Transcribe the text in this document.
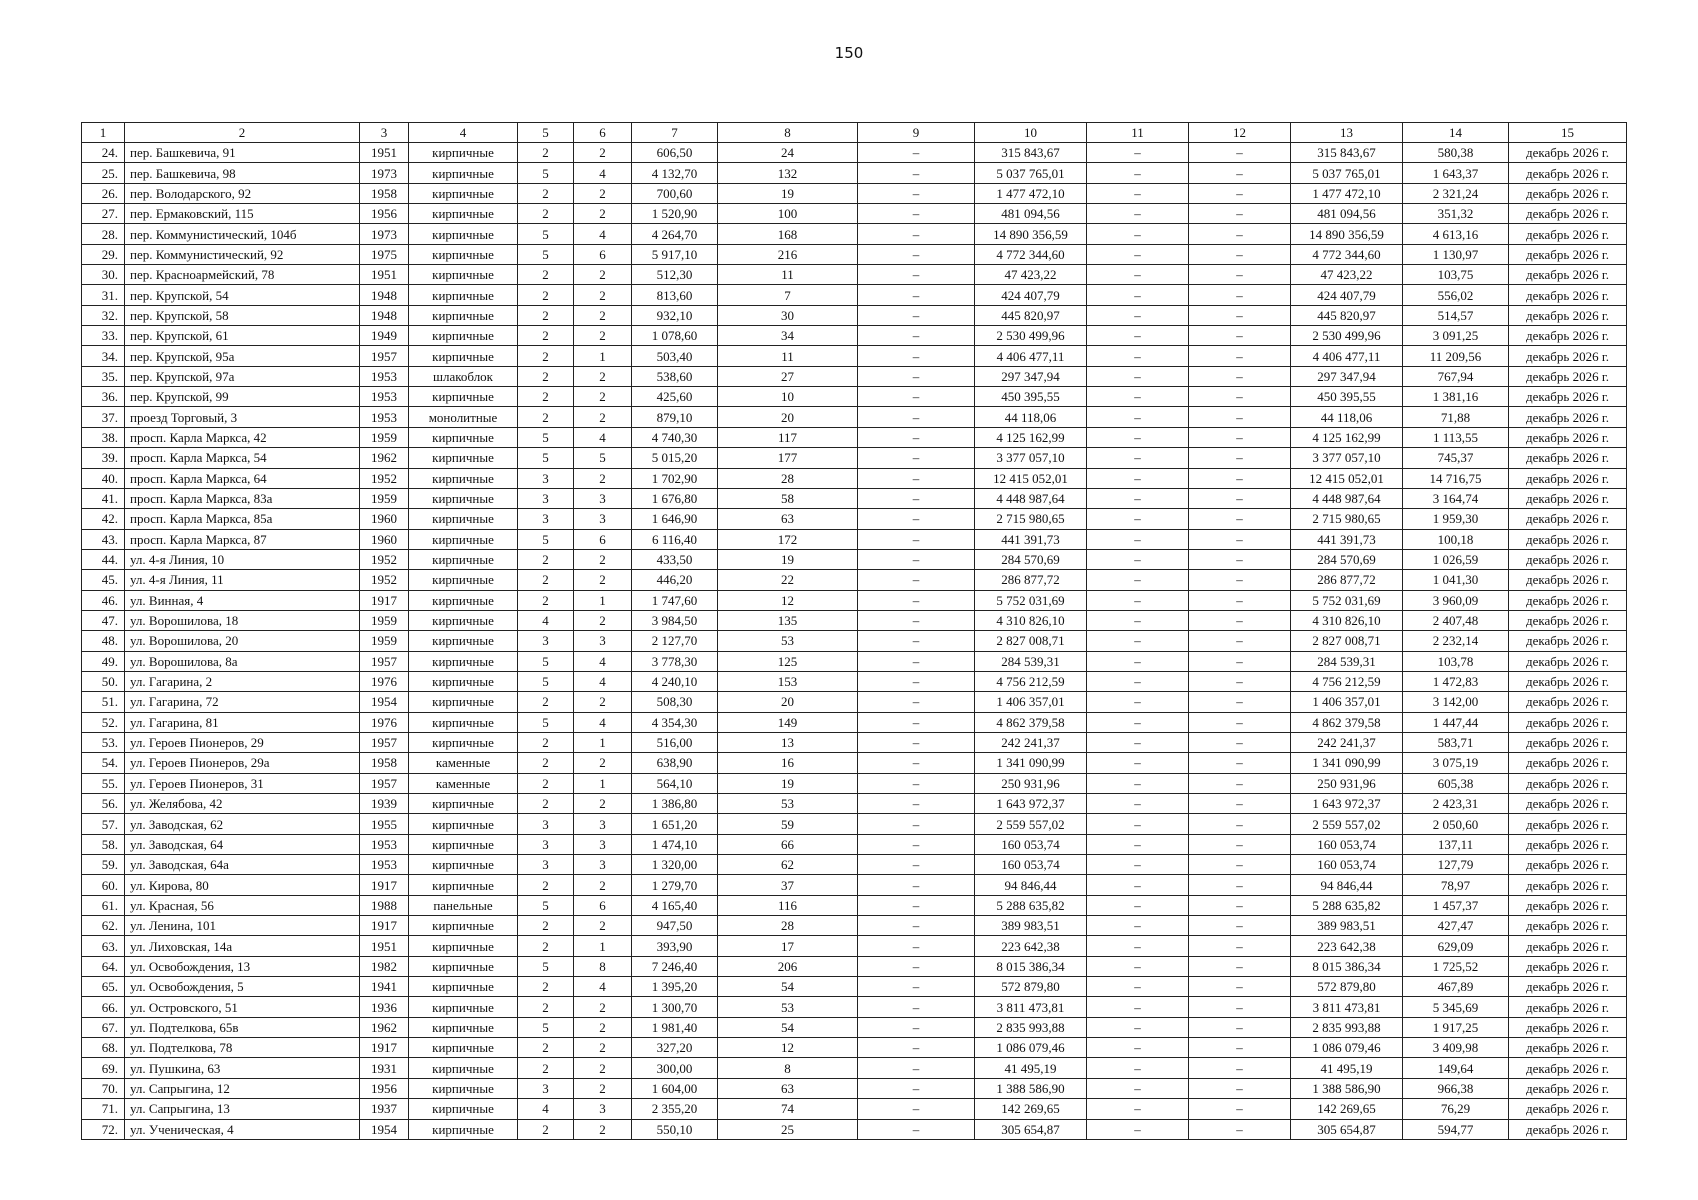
150
1	2	3	4	5	6	7	8	9	10	11	12	13	14	15
24.	пер. Башкевича, 91	1951	кирпичные	2	2	606,50	24	–	315 843,67	–	–	315 843,67	580,38	декабрь 2026 г.
25.	пер. Башкевича, 98	1973	кирпичные	5	4	4 132,70	132	–	5 037 765,01	–	–	5 037 765,01	1 643,37	декабрь 2026 г.
26.	пер. Володарского, 92	1958	кирпичные	2	2	700,60	19	–	1 477 472,10	–	–	1 477 472,10	2 321,24	декабрь 2026 г.
27.	пер. Ермаковский, 115	1956	кирпичные	2	2	1 520,90	100	–	481 094,56	–	–	481 094,56	351,32	декабрь 2026 г.
28.	пер. Коммунистический, 104б	1973	кирпичные	5	4	4 264,70	168	–	14 890 356,59	–	–	14 890 356,59	4 613,16	декабрь 2026 г.
29.	пер. Коммунистический, 92	1975	кирпичные	5	6	5 917,10	216	–	4 772 344,60	–	–	4 772 344,60	1 130,97	декабрь 2026 г.
30.	пер. Красноармейский, 78	1951	кирпичные	2	2	512,30	11	–	47 423,22	–	–	47 423,22	103,75	декабрь 2026 г.
31.	пер. Крупской, 54	1948	кирпичные	2	2	813,60	7	–	424 407,79	–	–	424 407,79	556,02	декабрь 2026 г.
32.	пер. Крупской, 58	1948	кирпичные	2	2	932,10	30	–	445 820,97	–	–	445 820,97	514,57	декабрь 2026 г.
33.	пер. Крупской, 61	1949	кирпичные	2	2	1 078,60	34	–	2 530 499,96	–	–	2 530 499,96	3 091,25	декабрь 2026 г.
34.	пер. Крупской, 95а	1957	кирпичные	2	1	503,40	11	–	4 406 477,11	–	–	4 406 477,11	11 209,56	декабрь 2026 г.
35.	пер. Крупской, 97а	1953	шлакоблок	2	2	538,60	27	–	297 347,94	–	–	297 347,94	767,94	декабрь 2026 г.
36.	пер. Крупской, 99	1953	кирпичные	2	2	425,60	10	–	450 395,55	–	–	450 395,55	1 381,16	декабрь 2026 г.
37.	проезд Торговый, 3	1953	монолитные	2	2	879,10	20	–	44 118,06	–	–	44 118,06	71,88	декабрь 2026 г.
38.	просп. Карла Маркса, 42	1959	кирпичные	5	4	4 740,30	117	–	4 125 162,99	–	–	4 125 162,99	1 113,55	декабрь 2026 г.
39.	просп. Карла Маркса, 54	1962	кирпичные	5	5	5 015,20	177	–	3 377 057,10	–	–	3 377 057,10	745,37	декабрь 2026 г.
40.	просп. Карла Маркса, 64	1952	кирпичные	3	2	1 702,90	28	–	12 415 052,01	–	–	12 415 052,01	14 716,75	декабрь 2026 г.
41.	просп. Карла Маркса, 83а	1959	кирпичные	3	3	1 676,80	58	–	4 448 987,64	–	–	4 448 987,64	3 164,74	декабрь 2026 г.
42.	просп. Карла Маркса, 85а	1960	кирпичные	3	3	1 646,90	63	–	2 715 980,65	–	–	2 715 980,65	1 959,30	декабрь 2026 г.
43.	просп. Карла Маркса, 87	1960	кирпичные	5	6	6 116,40	172	–	441 391,73	–	–	441 391,73	100,18	декабрь 2026 г.
44.	ул. 4-я Линия, 10	1952	кирпичные	2	2	433,50	19	–	284 570,69	–	–	284 570,69	1 026,59	декабрь 2026 г.
45.	ул. 4-я Линия, 11	1952	кирпичные	2	2	446,20	22	–	286 877,72	–	–	286 877,72	1 041,30	декабрь 2026 г.
46.	ул. Винная, 4	1917	кирпичные	2	1	1 747,60	12	–	5 752 031,69	–	–	5 752 031,69	3 960,09	декабрь 2026 г.
47.	ул. Ворошилова, 18	1959	кирпичные	4	2	3 984,50	135	–	4 310 826,10	–	–	4 310 826,10	2 407,48	декабрь 2026 г.
48.	ул. Ворошилова, 20	1959	кирпичные	3	3	2 127,70	53	–	2 827 008,71	–	–	2 827 008,71	2 232,14	декабрь 2026 г.
49.	ул. Ворошилова, 8а	1957	кирпичные	5	4	3 778,30	125	–	284 539,31	–	–	284 539,31	103,78	декабрь 2026 г.
50.	ул. Гагарина, 2	1976	кирпичные	5	4	4 240,10	153	–	4 756 212,59	–	–	4 756 212,59	1 472,83	декабрь 2026 г.
51.	ул. Гагарина, 72	1954	кирпичные	2	2	508,30	20	–	1 406 357,01	–	–	1 406 357,01	3 142,00	декабрь 2026 г.
52.	ул. Гагарина, 81	1976	кирпичные	5	4	4 354,30	149	–	4 862 379,58	–	–	4 862 379,58	1 447,44	декабрь 2026 г.
53.	ул. Героев Пионеров, 29	1957	кирпичные	2	1	516,00	13	–	242 241,37	–	–	242 241,37	583,71	декабрь 2026 г.
54.	ул. Героев Пионеров, 29а	1958	каменные	2	2	638,90	16	–	1 341 090,99	–	–	1 341 090,99	3 075,19	декабрь 2026 г.
55.	ул. Героев Пионеров, 31	1957	каменные	2	1	564,10	19	–	250 931,96	–	–	250 931,96	605,38	декабрь 2026 г.
56.	ул. Желябова, 42	1939	кирпичные	2	2	1 386,80	53	–	1 643 972,37	–	–	1 643 972,37	2 423,31	декабрь 2026 г.
57.	ул. Заводская, 62	1955	кирпичные	3	3	1 651,20	59	–	2 559 557,02	–	–	2 559 557,02	2 050,60	декабрь 2026 г.
58.	ул. Заводская, 64	1953	кирпичные	3	3	1 474,10	66	–	160 053,74	–	–	160 053,74	137,11	декабрь 2026 г.
59.	ул. Заводская, 64а	1953	кирпичные	3	3	1 320,00	62	–	160 053,74	–	–	160 053,74	127,79	декабрь 2026 г.
60.	ул. Кирова, 80	1917	кирпичные	2	2	1 279,70	37	–	94 846,44	–	–	94 846,44	78,97	декабрь 2026 г.
61.	ул. Красная, 56	1988	панельные	5	6	4 165,40	116	–	5 288 635,82	–	–	5 288 635,82	1 457,37	декабрь 2026 г.
62.	ул. Ленина, 101	1917	кирпичные	2	2	947,50	28	–	389 983,51	–	–	389 983,51	427,47	декабрь 2026 г.
63.	ул. Лиховская, 14а	1951	кирпичные	2	1	393,90	17	–	223 642,38	–	–	223 642,38	629,09	декабрь 2026 г.
64.	ул. Освобождения, 13	1982	кирпичные	5	8	7 246,40	206	–	8 015 386,34	–	–	8 015 386,34	1 725,52	декабрь 2026 г.
65.	ул. Освобождения, 5	1941	кирпичные	2	4	1 395,20	54	–	572 879,80	–	–	572 879,80	467,89	декабрь 2026 г.
66.	ул. Островского, 51	1936	кирпичные	2	2	1 300,70	53	–	3 811 473,81	–	–	3 811 473,81	5 345,69	декабрь 2026 г.
67.	ул. Подтелкова, 65в	1962	кирпичные	5	2	1 981,40	54	–	2 835 993,88	–	–	2 835 993,88	1 917,25	декабрь 2026 г.
68.	ул. Подтелкова, 78	1917	кирпичные	2	2	327,20	12	–	1 086 079,46	–	–	1 086 079,46	3 409,98	декабрь 2026 г.
69.	ул. Пушкина, 63	1931	кирпичные	2	2	300,00	8	–	41 495,19	–	–	41 495,19	149,64	декабрь 2026 г.
70.	ул. Сапрыгина, 12	1956	кирпичные	3	2	1 604,00	63	–	1 388 586,90	–	–	1 388 586,90	966,38	декабрь 2026 г.
71.	ул. Сапрыгина, 13	1937	кирпичные	4	3	2 355,20	74	–	142 269,65	–	–	142 269,65	76,29	декабрь 2026 г.
72.	ул. Ученическая, 4	1954	кирпичные	2	2	550,10	25	–	305 654,87	–	–	305 654,87	594,77	декабрь 2026 г.
